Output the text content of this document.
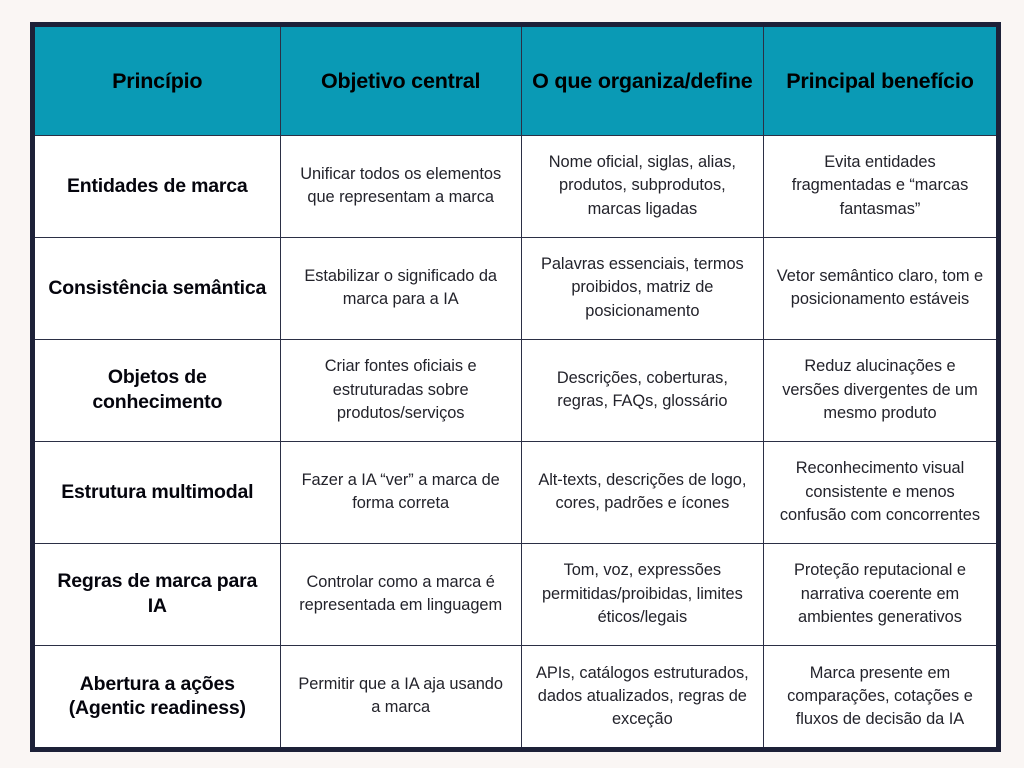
Princípio	Objetivo central	O que organiza/define	Principal benefício
Entidades de marca	Unificar todos os elementos que representam a marca	Nome oficial, siglas, alias, produtos, subprodutos, marcas ligadas	Evita entidades fragmentadas e “marcas fantasmas”
Consistência semântica	Estabilizar o significado da marca para a IA	Palavras essenciais, termos proibidos, matriz de posicionamento	Vetor semântico claro, tom e posicionamento estáveis
Objetos de conhecimento	Criar fontes oficiais e estruturadas sobre produtos/serviços	Descrições, coberturas, regras, FAQs, glossário	Reduz alucinações e versões divergentes de um mesmo produto
Estrutura multimodal	Fazer a IA “ver” a marca de forma correta	Alt-texts, descrições de logo, cores, padrões e ícones	Reconhecimento visual consistente e menos confusão com concorrentes
Regras de marca para IA	Controlar como a marca é representada em linguagem	Tom, voz, expressões permitidas/proibidas, limites éticos/legais	Proteção reputacional e narrativa coerente em ambientes generativos
Abertura a ações (Agentic readiness)	Permitir que a IA aja usando a marca	APIs, catálogos estruturados, dados atualizados, regras de exceção	Marca presente em comparações, cotações e fluxos de decisão da IA
